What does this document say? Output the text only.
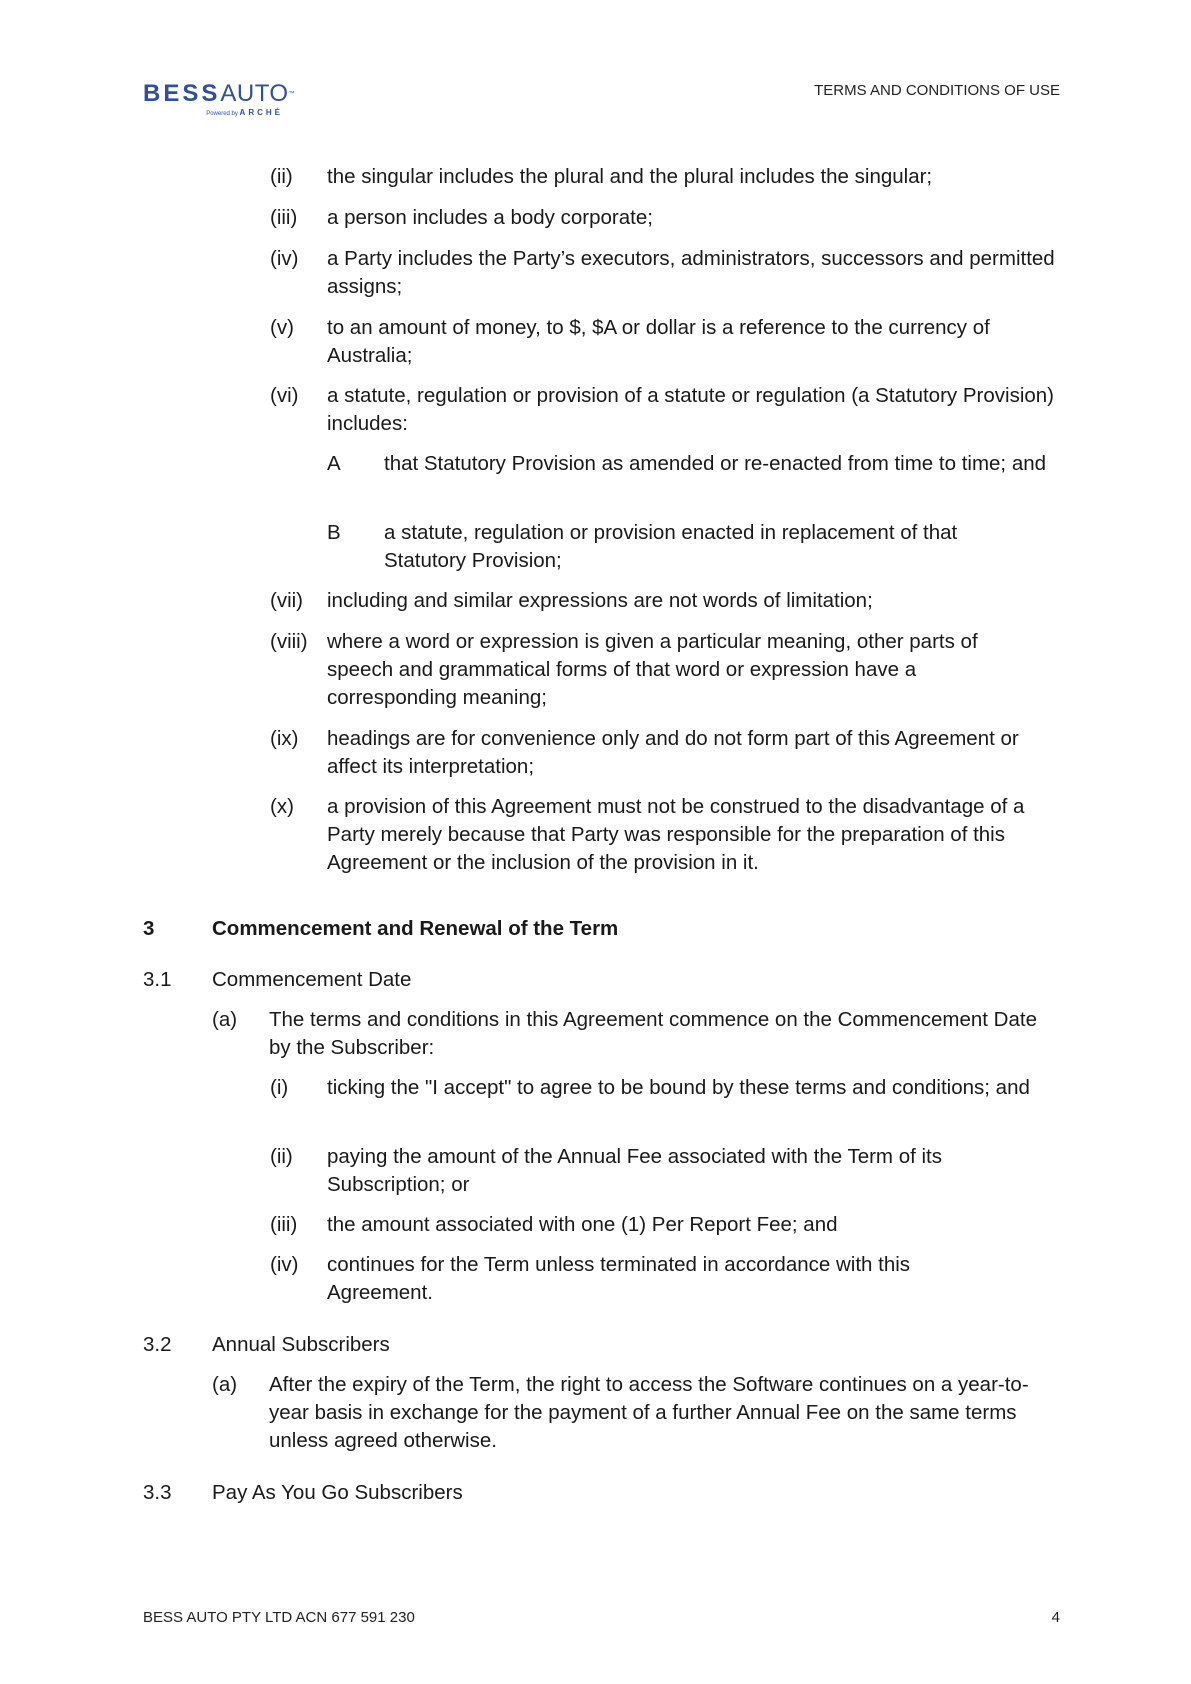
BESSAUTO™
Powered by ARCHÉ
TERMS AND CONDITIONS OF USE
(ii) the singular includes the plural and the plural includes the singular;
(iii) a person includes a body corporate;
(iv) a Party includes the Party’s executors, administrators, successors and permitted assigns;
(v) to an amount of money, to $, $A or dollar is a reference to the currency of Australia;
(vi) a statute, regulation or provision of a statute or regulation (a Statutory Provision) includes:
A that Statutory Provision as amended or re-enacted from time to time; and
B a statute, regulation or provision enacted in replacement of that Statutory Provision;
(vii) including and similar expressions are not words of limitation;
(viii) where a word or expression is given a particular meaning, other parts of speech and grammatical forms of that word or expression have a corresponding meaning;
(ix) headings are for convenience only and do not form part of this Agreement or affect its interpretation;
(x) a provision of this Agreement must not be construed to the disadvantage of a Party merely because that Party was responsible for the preparation of this Agreement or the inclusion of the provision in it.
3	Commencement and Renewal of the Term
3.1 Commencement Date
(a) The terms and conditions in this Agreement commence on the Commencement Date by the Subscriber:
(i) ticking the "I accept" to agree to be bound by these terms and conditions; and
(ii) paying the amount of the Annual Fee associated with the Term of its Subscription; or
(iii) the amount associated with one (1) Per Report Fee; and
(iv) continues for the Term unless terminated in accordance with this Agreement.
3.2 Annual Subscribers
(a) After the expiry of the Term, the right to access the Software continues on a year-to-year basis in exchange for the payment of a further Annual Fee on the same terms unless agreed otherwise.
3.3 Pay As You Go Subscribers
BESS AUTO PTY LTD ACN 677 591 230	4
